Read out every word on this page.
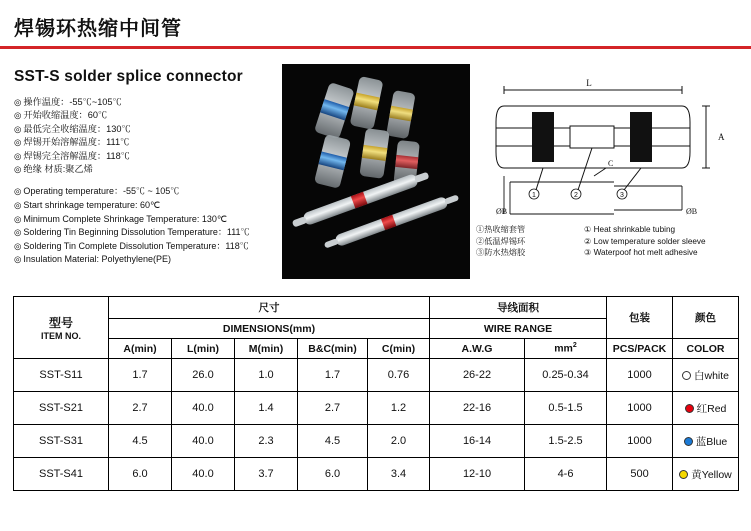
焊锡环热缩中间管
SST-S solder splice connector
◎ 操作温度：-55℃~105℃
◎ 开始收缩温度：60℃
◎ 最低完全收缩温度：130℃
◎ 焊锡开始溶解温度：111℃
◎ 焊锡完全溶解温度：118℃
◎ 绝缘 材质:聚乙烯
◎ Operating temperature：-55℃ ~ 105℃
◎ Start shrinkage temperature: 60℃
◎ Minimum Complete Shrinkage Temperature: 130℃
◎ Soldering Tin Beginning Dissolution Temperature：111℃
◎ Soldering Tin Complete Dissolution Temperature：118℃
◎ Insulation Material: Polyethylene(PE)
L
A
1	2	3
C
ØB	ØB
①热收缩套管	① Heat shrinkable tubing
②低温焊锡环	② Low temperature solder sleeve
③防水热熔胶	③ Waterpoof hot melt adhesive
型号
ITEM NO.	尺寸					导线面积		包装	颜色
	DIMENSIONS(mm)					WIRE RANGE			
	A(min)	L(min)	M(min)	B&C(min)	C(min)	A.W.G	$mm^2$	PCS/PACK	COLOR
SST-S11	1.7	26.0	1.0	1.7	0.76	26-22	0.25-0.34	1000	白white
SST-S21	2.7	40.0	1.4	2.7	1.2	22-16	0.5-1.5	1000	红Red
SST-S31	4.5	40.0	2.3	4.5	2.0	16-14	1.5-2.5	1000	蓝Blue
SST-S41	6.0	40.0	3.7	6.0	3.4	12-10	4-6	500	黄Yellow
